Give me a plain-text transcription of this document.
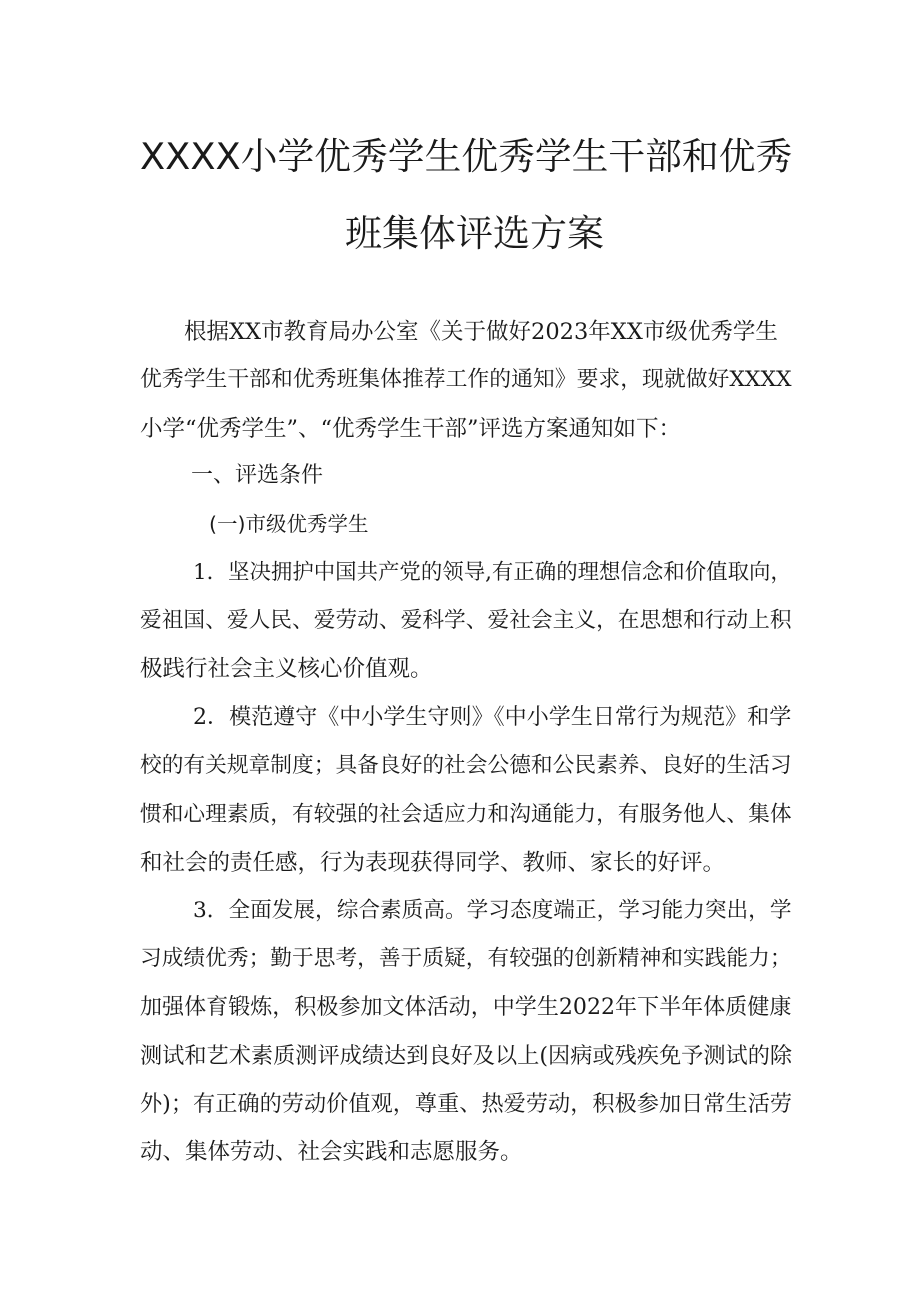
XXXX小学优秀学生优秀学生干部和优秀
班集体评选方案
根据XX市教育局办公室《关于做好2023年XX市级优秀学生
优秀学生干部和优秀班集体推荐工作的通知》要求，现就做好XXXX
小学“优秀学生”、“优秀学生干部”评选方案通知如下：
一、评选条件
(一)市级优秀学生
1．坚决拥护中国共产党的领导,有正确的理想信念和价值取向，
爱祖国、爱人民、爱劳动、爱科学、爱社会主义，在思想和行动上积
极践行社会主义核心价值观。
2．模范遵守《中小学生守则》《中小学生日常行为规范》和学
校的有关规章制度；具备良好的社会公德和公民素养、良好的生活习
惯和心理素质，有较强的社会适应力和沟通能力，有服务他人、集体
和社会的责任感，行为表现获得同学、教师、家长的好评。
3．全面发展，综合素质高。学习态度端正，学习能力突出，学
习成绩优秀；勤于思考，善于质疑，有较强的创新精神和实践能力；
加强体育锻炼，积极参加文体活动，中学生2022年下半年体质健康
测试和艺术素质测评成绩达到良好及以上(因病或残疾免予测试的除
外)；有正确的劳动价值观，尊重、热爱劳动，积极参加日常生活劳
动、集体劳动、社会实践和志愿服务。
